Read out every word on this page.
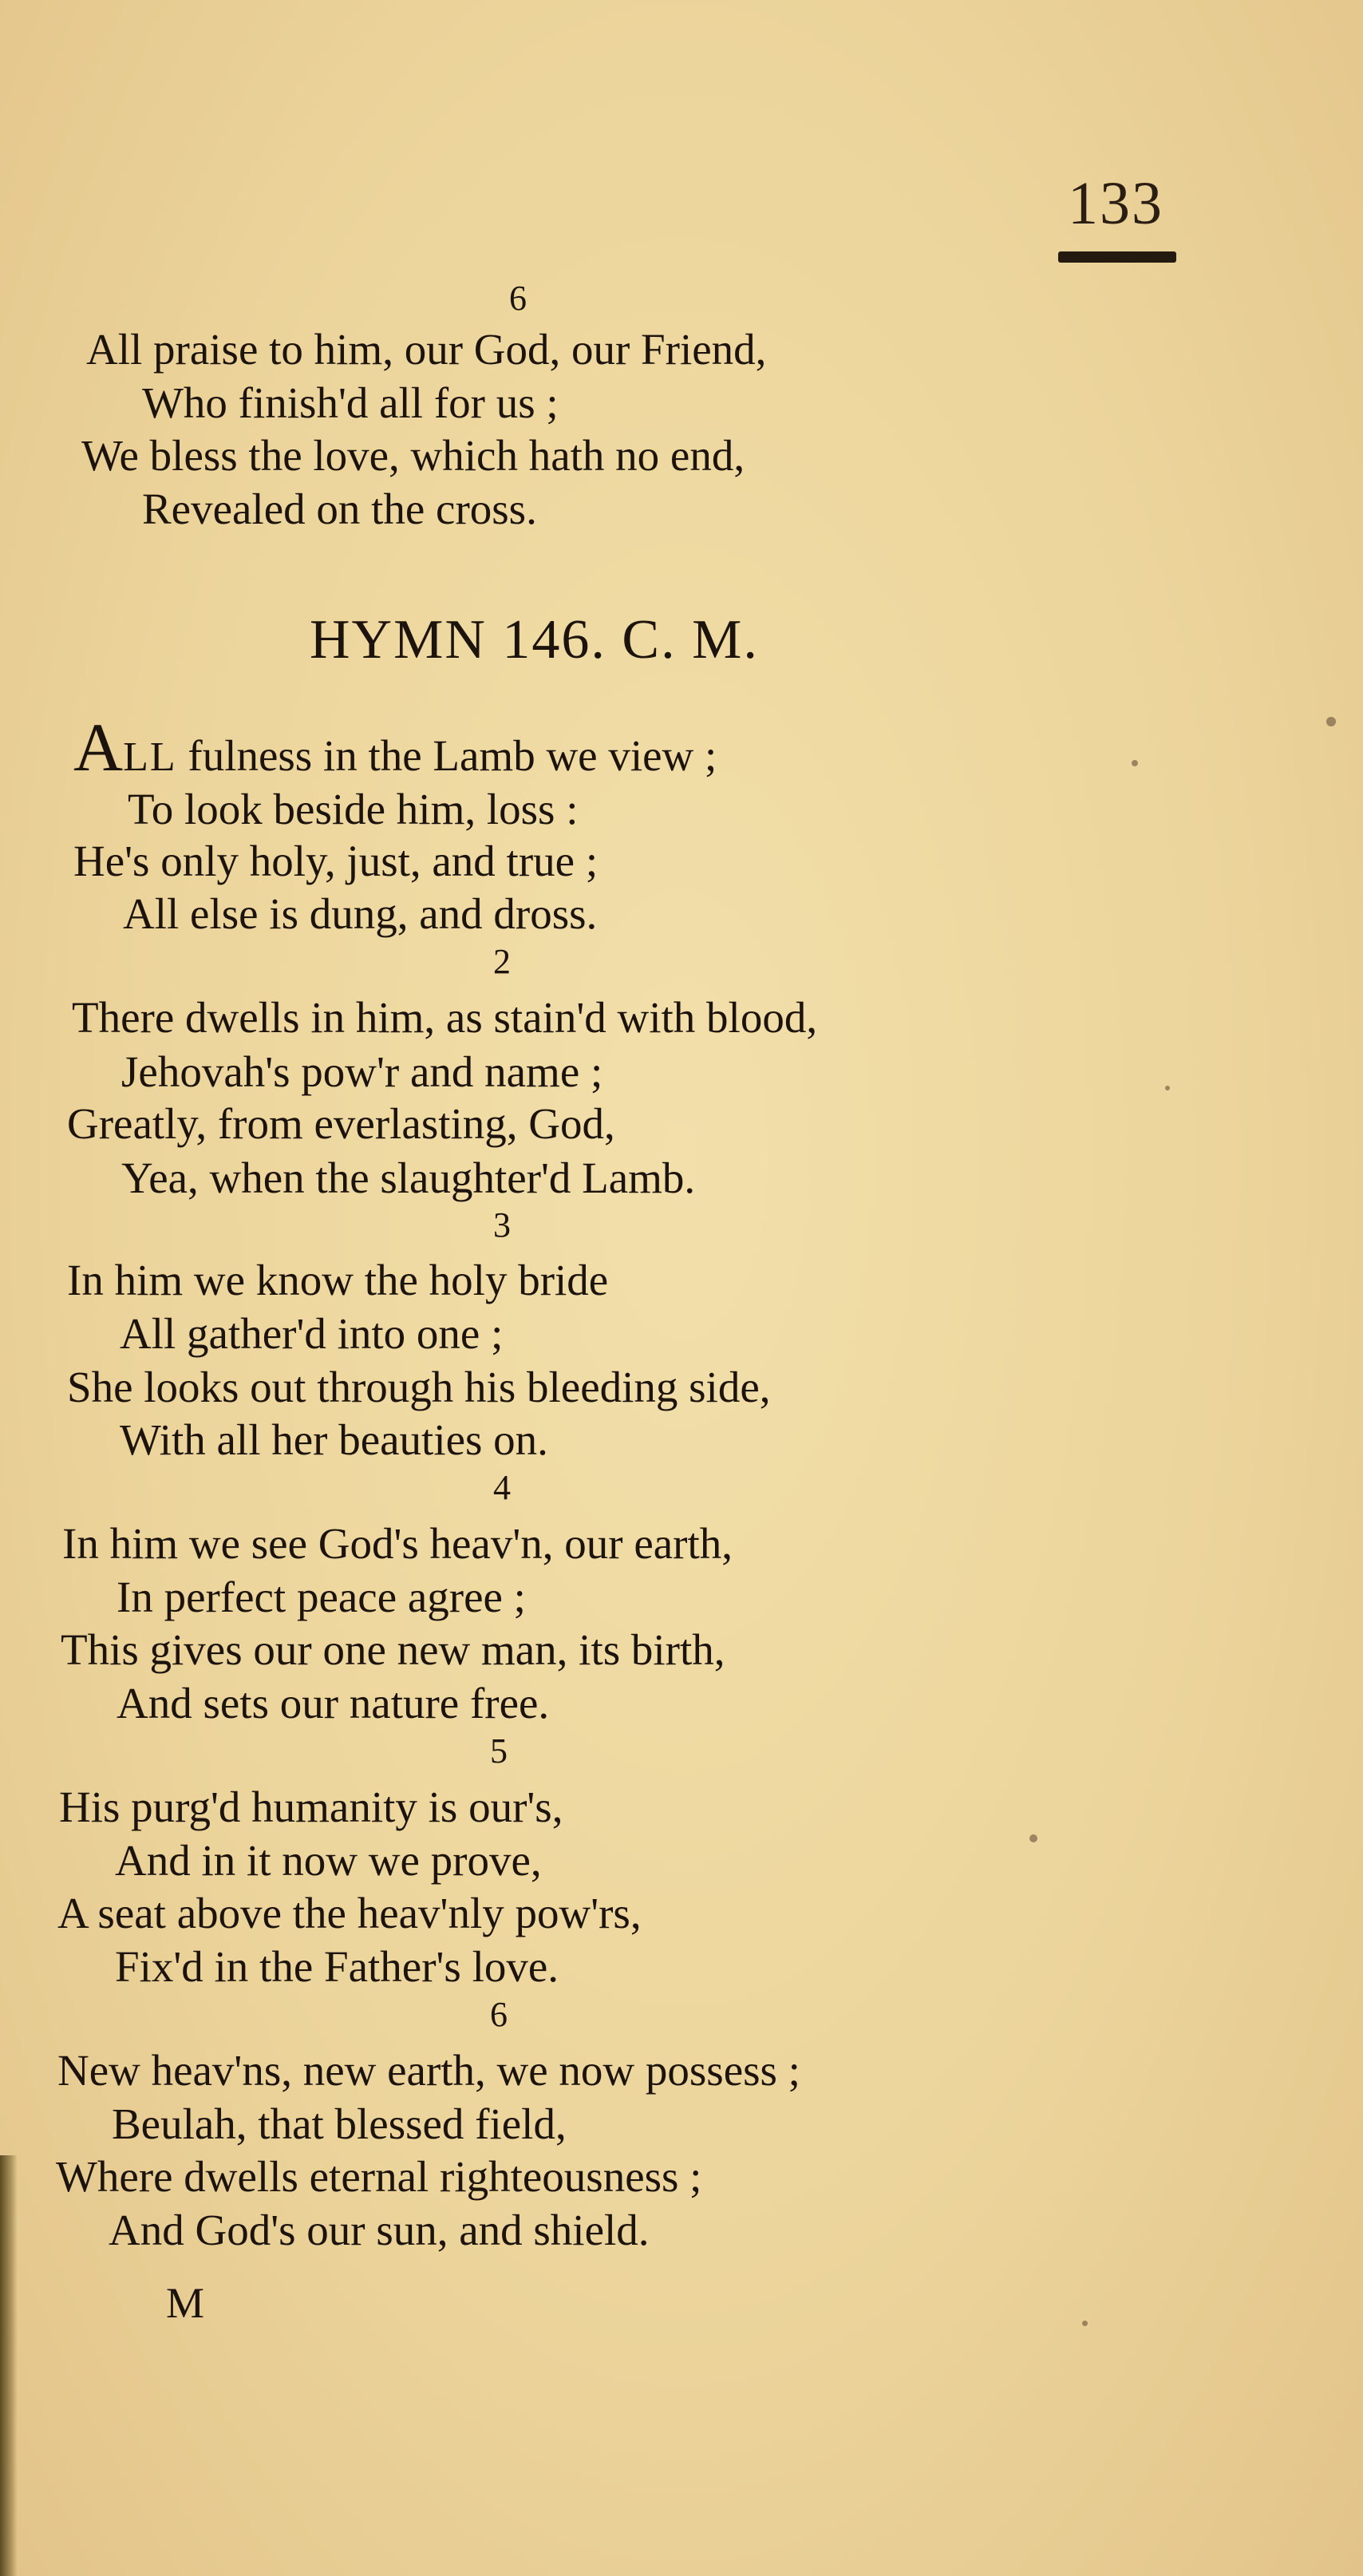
133
6
All praise to him, our God, our Friend,
Who finish'd all for us ;
We bless the love, which hath no end,
Revealed on the cross.
HYMN 146. C. M.
ALL fulness in the Lamb we view ;
To look beside him, loss :
He's only holy, just, and true ;
All else is dung, and dross.
2
There dwells in him, as stain'd with blood,
Jehovah's pow'r and name ;
Greatly, from everlasting, God,
Yea, when the slaughter'd Lamb.
3
In him we know the holy bride
All gather'd into one ;
She looks out through his bleeding side,
With all her beauties on.
4
In him we see God's heav'n, our earth,
In perfect peace agree ;
This gives our one new man, its birth,
And sets our nature free.
5
His purg'd humanity is our's,
And in it now we prove,
A seat above the heav'nly pow'rs,
Fix'd in the Father's love.
6
New heav'ns, new earth, we now possess ;
Beulah, that blessed field,
Where dwells eternal righteousness ;
And God's our sun, and shield.
M
